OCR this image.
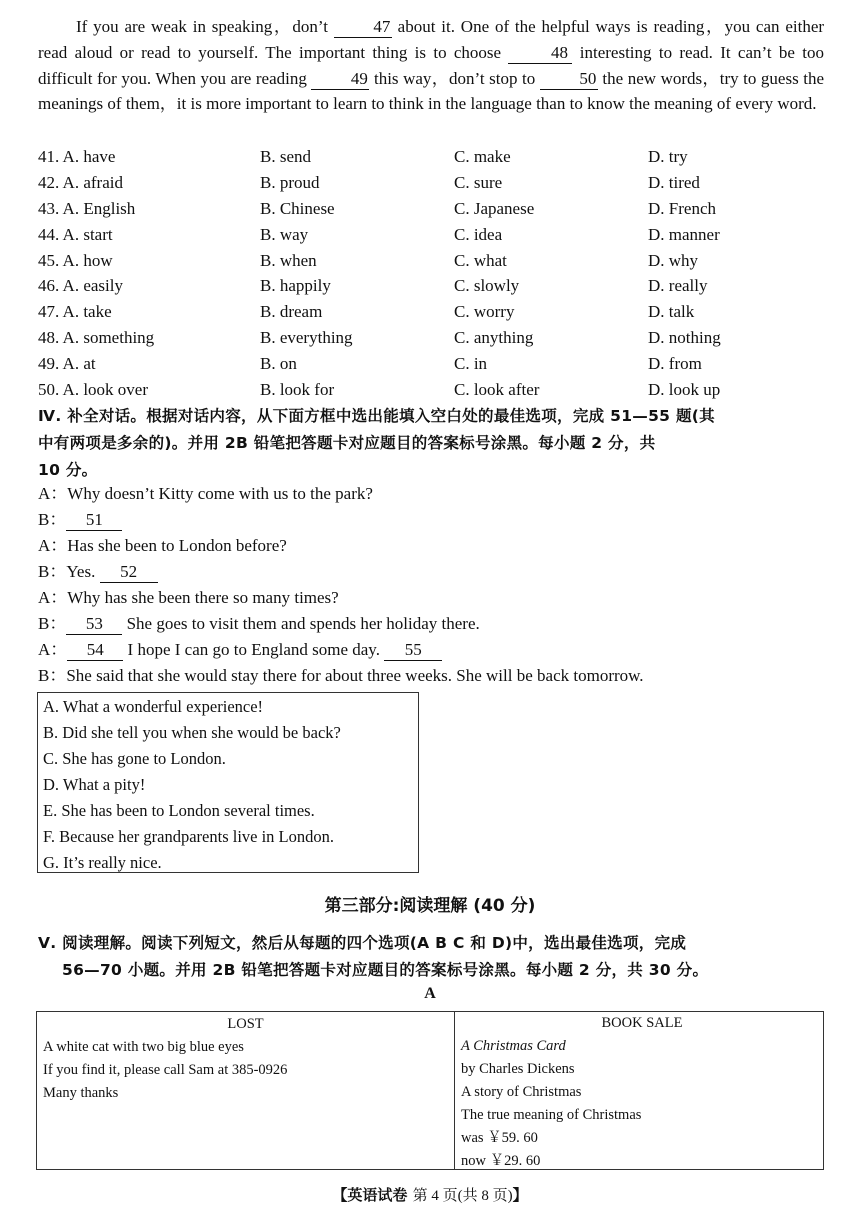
If you are weak in speaking，don’t	47 about it. One of the helpful ways is reading，you can either read aloud or read to yourself. The important thing is to choose	48 interesting to read. It can’t be too difficult for you. When you are reading	49 this way，don’t stop to	50 the new words，try to guess the meanings of them，it is more important to learn to think in the language than to know the meaning of every word.
41. A. have	B. send	C. make	D. try
42. A. afraid	B. proud	C. sure	D. tired
43. A. English	B. Chinese	C. Japanese	D. French
44. A. start	B. way	C. idea	D. manner
45. A. how	B. when	C. what	D. why
46. A. easily	B. happily	C. slowly	D. really
47. A. take	B. dream	C. worry	D. talk
48. A. something	B. everything	C. anything	D. nothing
49. A. at	B. on	C. in	D. from
50. A. look over	B. look for	C. look after	D. look up
Ⅳ. 补全对话。根据对话内容，从下面方框中选出能填入空白处的最佳选项，完成 51—55 题(其
中有两项是多余的)。并用 2B 铅笔把答题卡对应题目的答案标号涂黑。每小题 2 分，共
10 分。
A：Why doesn’t Kitty come with us to the park?
B： 51
A：Has she been to London before?
B：Yes. 52
A：Why has she been there so many times?
B： 53 She goes to visit them and spends her holiday there.
A： 54 I hope I can go to England some day. 55
B：She said that she would stay there for about three weeks. She will be back tomorrow.
A. What a wonderful experience!
B. Did she tell you when she would be back?
C. She has gone to London.
D. What a pity!
E. She has been to London several times.
F. Because her grandparents live in London.
G. It’s really nice.
第三部分:阅读理解 (40 分)
Ⅴ. 阅读理解。阅读下列短文，然后从每题的四个选项(A B C 和 D)中，选出最佳选项，完成
56—70 小题。并用 2B 铅笔把答题卡对应题目的答案标号涂黑。每小题 2 分，共 30 分。
A
LOST
A white cat with two big blue eyes
If you find it, please call Sam at 385-0926
Many thanks
BOOK SALE
A Christmas Card
by Charles Dickens
A story of Christmas
The true meaning of Christmas
was ￥59. 60
now ￥29. 60
【英语试卷 第 4 页(共 8 页)】
